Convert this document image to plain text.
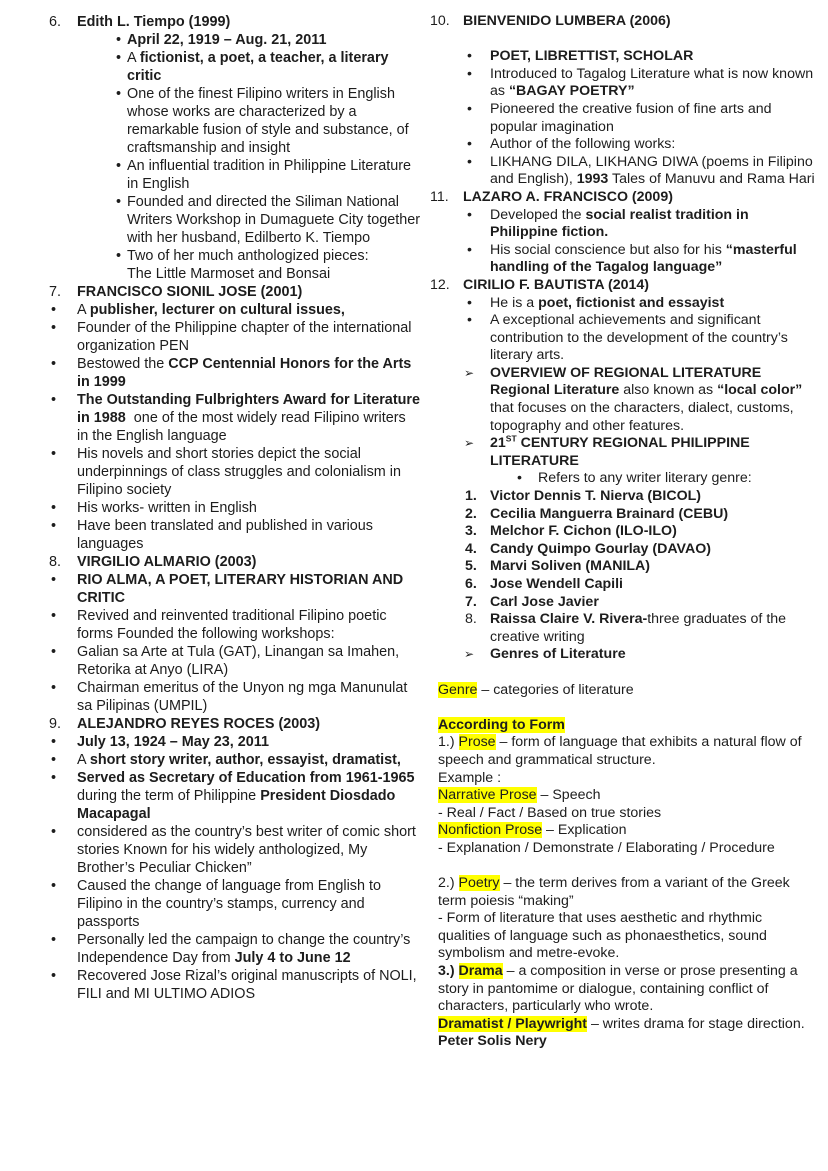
6. Edith L. Tiempo (1999)
• April 22, 1919 – Aug. 21, 2011
• A fictionist, a poet, a teacher, a literary critic
• One of the finest Filipino writers in English whose works are characterized by a remarkable fusion of style and substance, of craftsmanship and insight
• An influential tradition in Philippine Literature in English
• Founded and directed the Siliman National Writers Workshop in Dumaguete City together with her husband, Edilberto K. Tiempo
• Two of her much anthologized pieces:
The Little Marmoset and Bonsai
7. FRANCISCO SIONIL JOSE (2001)
• A publisher, lecturer on cultural issues,
• Founder of the Philippine chapter of the international organization PEN
• Bestowed the CCP Centennial Honors for the Arts in 1999
• The Outstanding Fulbrighters Award for Literature in 1988  one of the most widely read Filipino writers in the English language
• His novels and short stories depict the social underpinnings of class struggles and colonialism in Filipino society
• His works- written in English
• Have been translated and published in various languages
8. VIRGILIO ALMARIO (2003)
• RIO ALMA, A POET, LITERARY HISTORIAN AND CRITIC
• Revived and reinvented traditional Filipino poetic forms Founded the following workshops:
• Galian sa Arte at Tula (GAT), Linangan sa Imahen, Retorika at Anyo (LIRA)
• Chairman emeritus of the Unyon ng mga Manunulat sa Pilipinas (UMPIL)
9. ALEJANDRO REYES ROCES (2003)
• July 13, 1924 – May 23, 2011
• A short story writer, author, essayist, dramatist,
• Served as Secretary of Education from 1961-1965 during the term of Philippine President Diosdado Macapagal
• considered as the country’s best writer of comic short stories Known for his widely anthologized, My Brother’s Peculiar Chicken”
• Caused the change of language from English to Filipino in the country’s stamps, currency and passports
• Personally led the campaign to change the country’s Independence Day from July 4 to June 12
• Recovered Jose Rizal’s original manuscripts of NOLI, FILI and MI ULTIMO ADIOS
10. BIENVENIDO LUMBERA (2006)
• POET, LIBRETTIST, SCHOLAR
• Introduced to Tagalog Literature what is now known as “BAGAY POETRY”
• Pioneered the creative fusion of fine arts and popular imagination
• Author of the following works:
• LIKHANG DILA, LIKHANG DIWA (poems in Filipino and English), 1993 Tales of Manuvu and Rama Hari
11. LAZARO A. FRANCISCO (2009)
• Developed the social realist tradition in Philippine fiction.
• His social conscience but also for his “masterful handling of the Tagalog language”
12. CIRILIO F. BAUTISTA (2014)
• He is a poet, fictionist and essayist
• A exceptional achievements and significant contribution to the development of the country’s literary arts.
➢ OVERVIEW OF REGIONAL LITERATURE Regional Literature also known as “local color” that focuses on the characters, dialect, customs, topography and other features.
➢ 21ST CENTURY REGIONAL PHILIPPINE LITERATURE
• Refers to any writer literary genre:
1. Victor Dennis T. Nierva (BICOL)
2. Cecilia Manguerra Brainard (CEBU)
3. Melchor F. Cichon (ILO-ILO)
4. Candy Quimpo Gourlay (DAVAO)
5. Marvi Soliven (MANILA)
6. Jose Wendell Capili
7. Carl Jose Javier
8. Raissa Claire V. Rivera-three graduates of the creative writing
➢ Genres of Literature
Genre – categories of literature
According to Form
1.) Prose – form of language that exhibits a natural flow of speech and grammatical structure.
Example :
Narrative Prose – Speech
- Real / Fact / Based on true stories
Nonfiction Prose – Explication
- Explanation / Demonstrate / Elaborating / Procedure
2.) Poetry – the term derives from a variant of the Greek term poiesis “making”
- Form of literature that uses aesthetic and rhythmic qualities of language such as phonaesthetics, sound symbolism and metre-evoke.
3.) Drama – a composition in verse or prose presenting a story in pantomime or dialogue, containing conflict of characters, particularly who wrote.
Dramatist / Playwright – writes drama for stage direction.
Peter Solis Nery
